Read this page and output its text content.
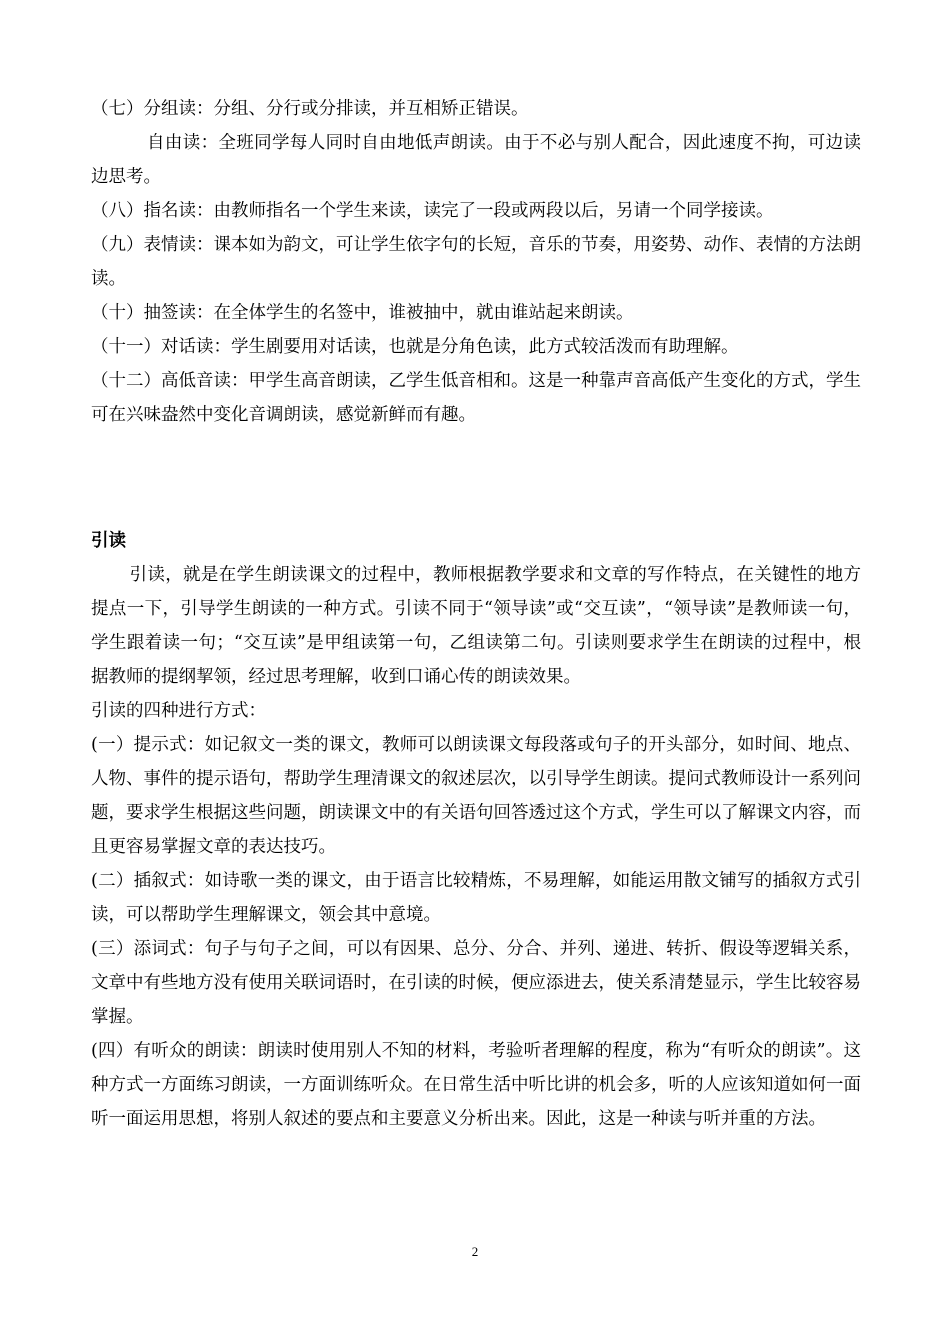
（七）分组读：分组、分行或分排读，并互相矫正错误。

自由读：全班同学每人同时自由地低声朗读。由于不必与别人配合，因此速度不拘，可边读边思考。

（八）指名读：由教师指名一个学生来读，读完了一段或两段以后，另请一个同学接读。

（九）表情读：课本如为韵文，可让学生依字句的长短，音乐的节奏，用姿势、动作、表情的方法朗读。

（十）抽签读：在全体学生的名签中，谁被抽中，就由谁站起来朗读。

（十一）对话读：学生剧要用对话读，也就是分角色读，此方式较活泼而有助理解。

（十二）高低音读：甲学生高音朗读，乙学生低音相和。这是一种靠声音高低产生变化的方式，学生可在兴味盎然中变化音调朗读，感觉新鲜而有趣。

引读

引读，就是在学生朗读课文的过程中，教师根据教学要求和文章的写作特点，在关键性的地方提点一下，引导学生朗读的一种方式。引读不同于“领导读”或“交互读”，“领导读”是教师读一句，学生跟着读一句；“交互读”是甲组读第一句，乙组读第二句。引读则要求学生在朗读的过程中，根据教师的提纲挈领，经过思考理解，收到口诵心传的朗读效果。

引读的四种进行方式：

(一）提示式：如记叙文一类的课文，教师可以朗读课文每段落或句子的开头部分，如时间、地点、人物、事件的提示语句，帮助学生理清课文的叙述层次，以引导学生朗读。提问式教师设计一系列问题，要求学生根据这些问题，朗读课文中的有关语句回答透过这个方式，学生可以了解课文内容，而且更容易掌握文章的表达技巧。

(二）插叙式：如诗歌一类的课文，由于语言比较精炼，不易理解，如能运用散文铺写的插叙方式引读，可以帮助学生理解课文，领会其中意境。

(三）添词式：句子与句子之间，可以有因果、总分、分合、并列、递进、转折、假设等逻辑关系，文章中有些地方没有使用关联词语时，在引读的时候，便应添进去，使关系清楚显示，学生比较容易掌握。

(四）有听众的朗读：朗读时使用别人不知的材料，考验听者理解的程度，称为“有听众的朗读”。这种方式一方面练习朗读，一方面训练听众。在日常生活中听比讲的机会多，听的人应该知道如何一面听一面运用思想，将别人叙述的要点和主要意义分析出来。因此，这是一种读与听并重的方法。

2
